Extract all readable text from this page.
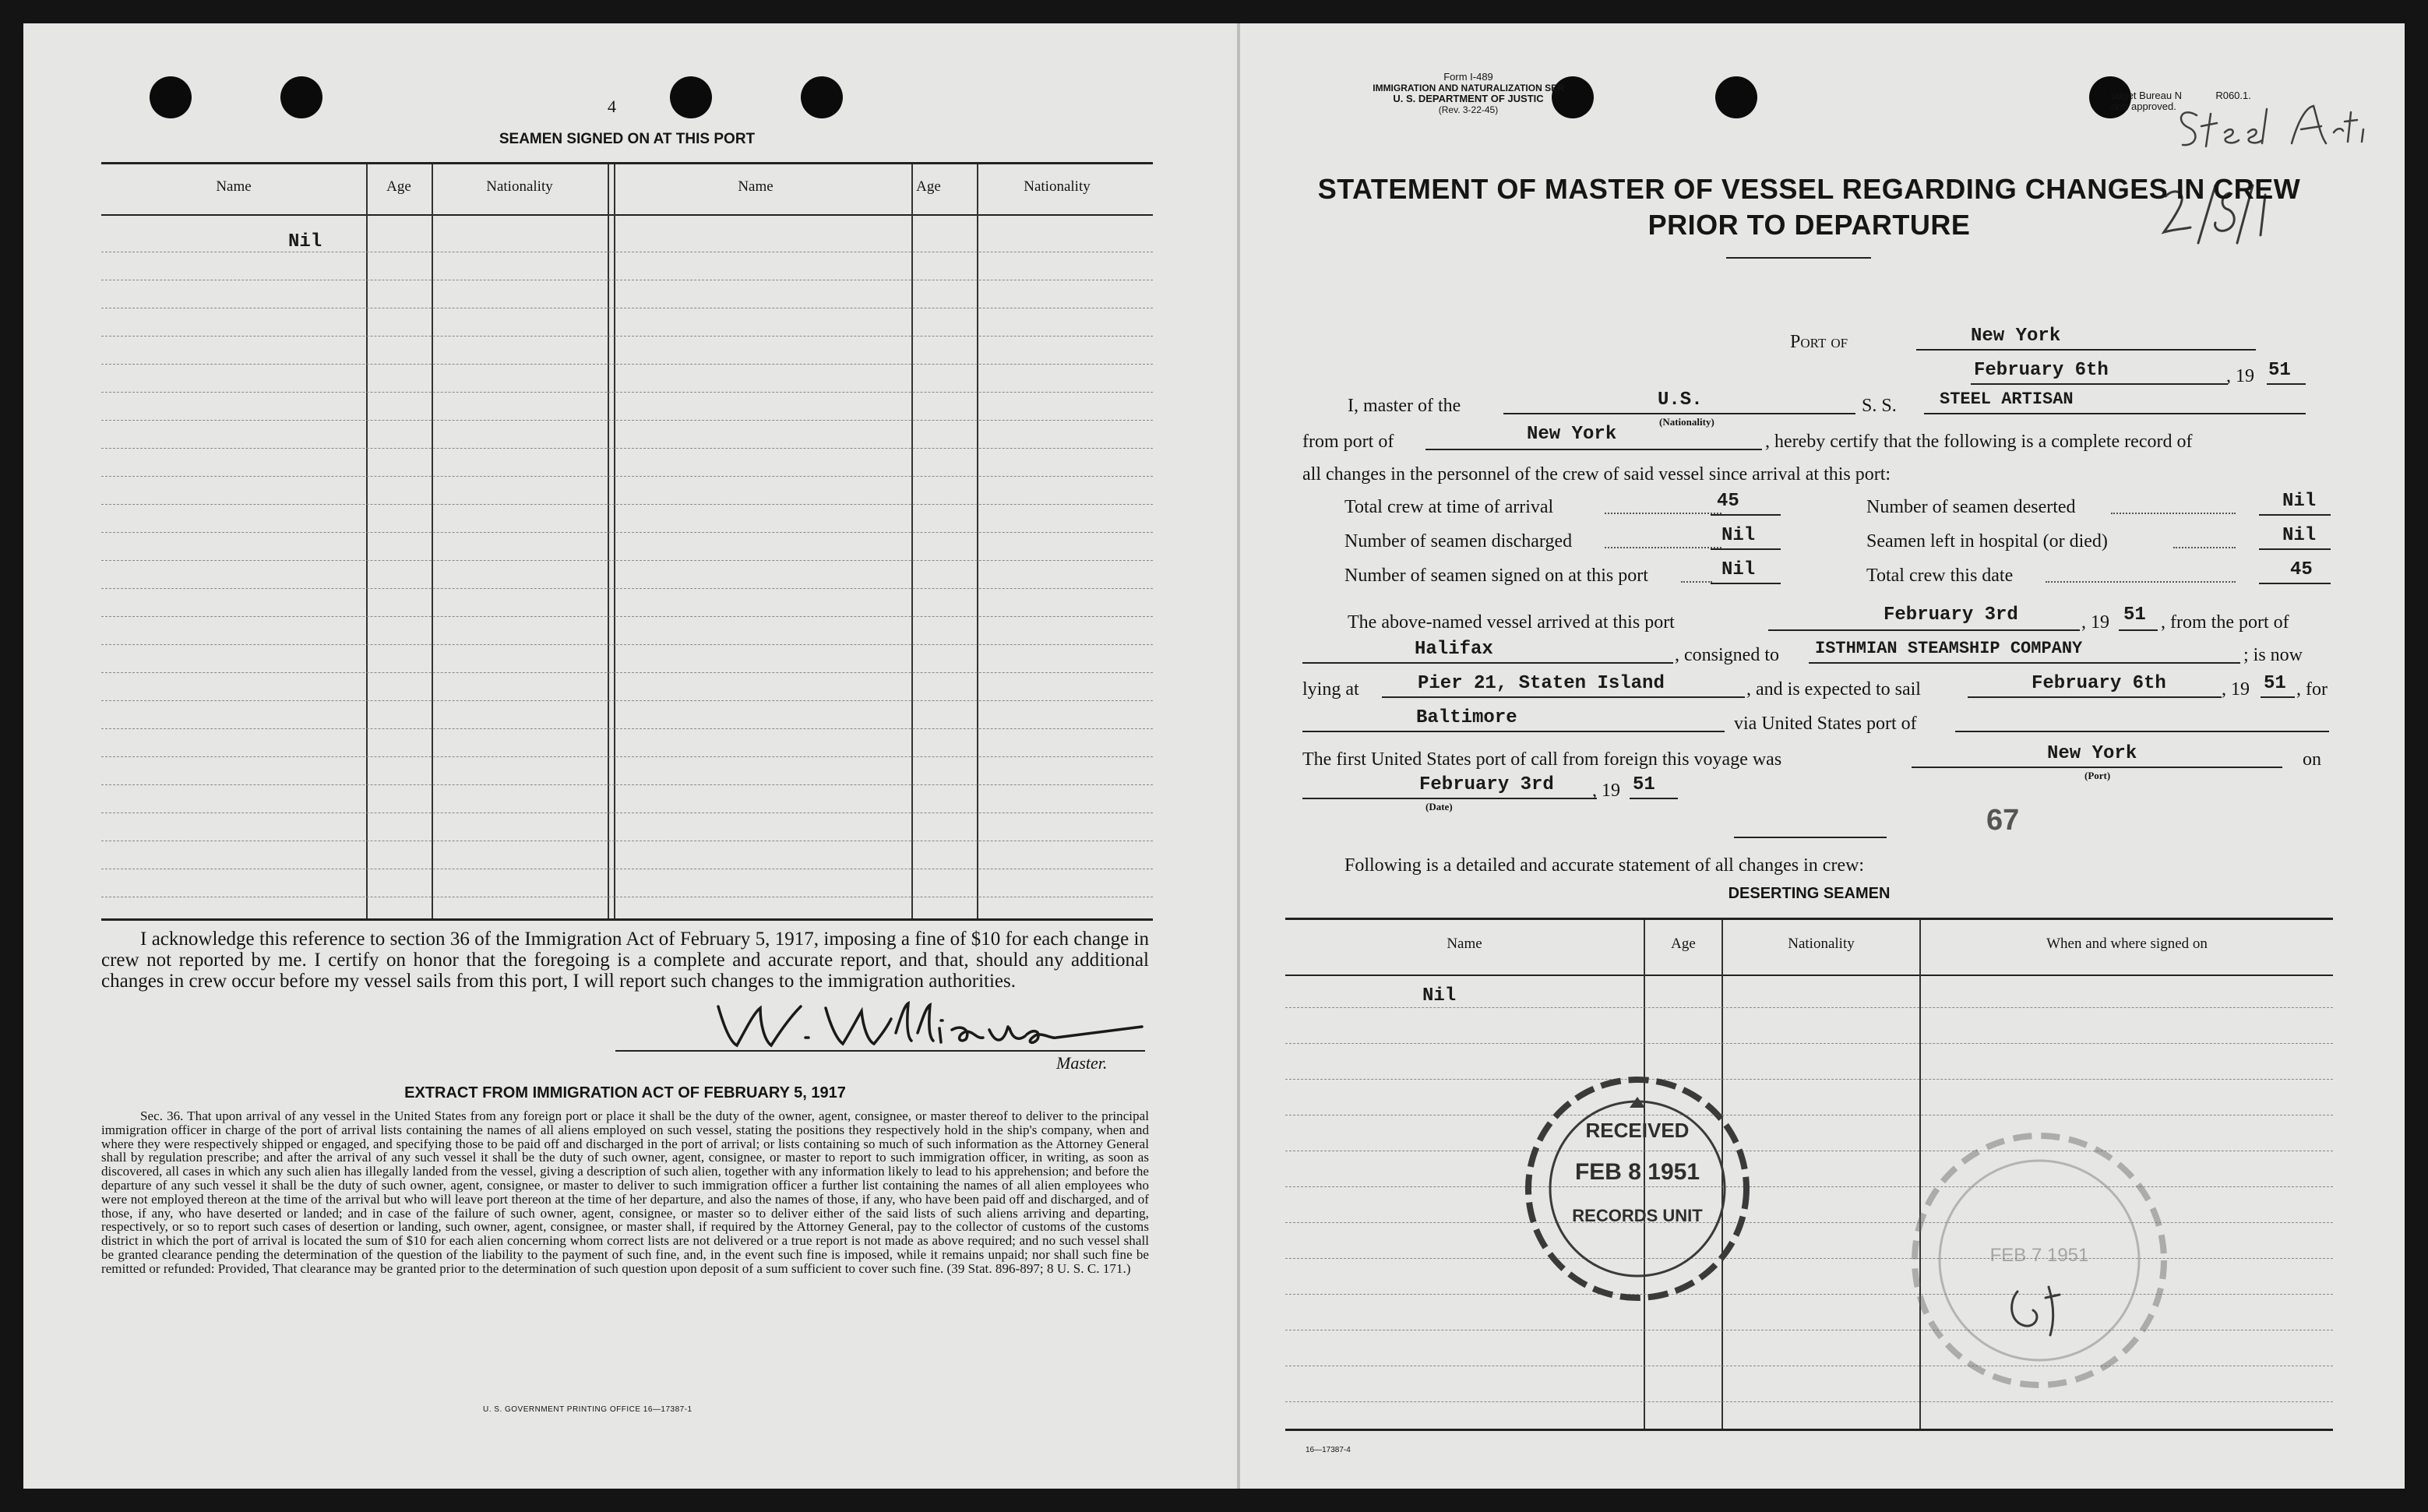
4
SEAMEN SIGNED ON AT THIS PORT
Name	Age	Nationality	Name	Age	Nationality
Nil
I acknowledge this reference to section 36 of the Immigration Act of February 5, 1917, imposing a fine of $10 for each change in crew not reported by me. I certify on honor that the foregoing is a complete and accurate report, and that, should any additional changes in crew occur before my vessel sails from this port, I will report such changes to the immigration authorities.
Master.
EXTRACT FROM IMMIGRATION ACT OF FEBRUARY 5, 1917
Sec. 36. That upon arrival of any vessel in the United States from any foreign port or place it shall be the duty of the owner, agent, consignee, or master thereof to deliver to the principal immigration officer in charge of the port of arrival lists containing the names of all aliens employed on such vessel, stating the positions they respectively hold in the ship's company, when and where they were respectively shipped or engaged, and specifying those to be paid off and discharged in the port of arrival; or lists containing so much of such information as the Attorney General shall by regulation prescribe; and after the arrival of any such vessel it shall be the duty of such owner, agent, consignee, or master to report to such immigration officer, in writing, as soon as discovered, all cases in which any such alien has illegally landed from the vessel, giving a description of such alien, together with any information likely to lead to his apprehension; and before the departure of any such vessel it shall be the duty of such owner, agent, consignee, or master to deliver to such immigration officer a further list containing the names of all alien employees who were not employed thereon at the time of the arrival but who will leave port thereon at the time of her departure, and also the names of those, if any, who have been paid off and discharged, and of those, if any, who have deserted or landed; and in case of the failure of such owner, agent, consignee, or master so to deliver either of the said lists of such aliens arriving and departing, respectively, or so to report such cases of desertion or landing, such owner, agent, consignee, or master shall, if required by the Attorney General, pay to the collector of customs of the customs district in which the port of arrival is located the sum of $10 for each alien concerning whom correct lists are not delivered or a true report is not made as above required; and no such vessel shall be granted clearance pending the determination of the question of the liability to the payment of such fine, and, in the event such fine is imposed, while it remains unpaid; nor shall such fine be remitted or refunded: Provided, That clearance may be granted prior to the determination of such question upon deposit of a sum sufficient to cover such fine. (39 Stat. 896-897; 8 U. S. C. 171.)
U. S. GOVERNMENT PRINTING OFFICE 16—17387-1
Form I-489
IMMIGRATION AND NATURALIZATION SER
U. S. DEPARTMENT OF JUSTIC
(Rev. 3-22-45)
udget Bureau N	R060.1.
orm approved.
STATEMENT OF MASTER OF VESSEL REGARDING CHANGES IN CREW
PRIOR TO DEPARTURE
Port of	New York
February 6th	, 19 51
I, master of the	U.S.
(Nationality)
S. S.	STEEL ARTISAN
from port of	New York	, hereby certify that the following is a complete record of
all changes in the personnel of the crew of said vessel since arrival at this port:
Total crew at time of arrival	45
Number of seamen discharged	Nil
Number of seamen signed on at this port	Nil
Number of seamen deserted	Nil
Seamen left in hospital (or died)	Nil
Total crew this date	45
The above-named vessel arrived at this port	February 3rd	, 19 51 , from the port of
Halifax	, consigned to ISTHMIAN STEAMSHIP COMPANY	; is now
lying at	Pier 21, Staten Island	, and is expected to sail	February 6th	, 19 51 , for
Baltimore	via United States port of
The first United States port of call from foreign this voyage was	New York
(Port)
on
February 3rd
(Date)
, 19 51
67
Following is a detailed and accurate statement of all changes in crew:
DESERTING SEAMEN
Name	Age	Nationality	When and where signed on
Nil
RECEIVED
FEB 8 1951
RECORDS UNIT
FEB 7 1951
16—17387-4
